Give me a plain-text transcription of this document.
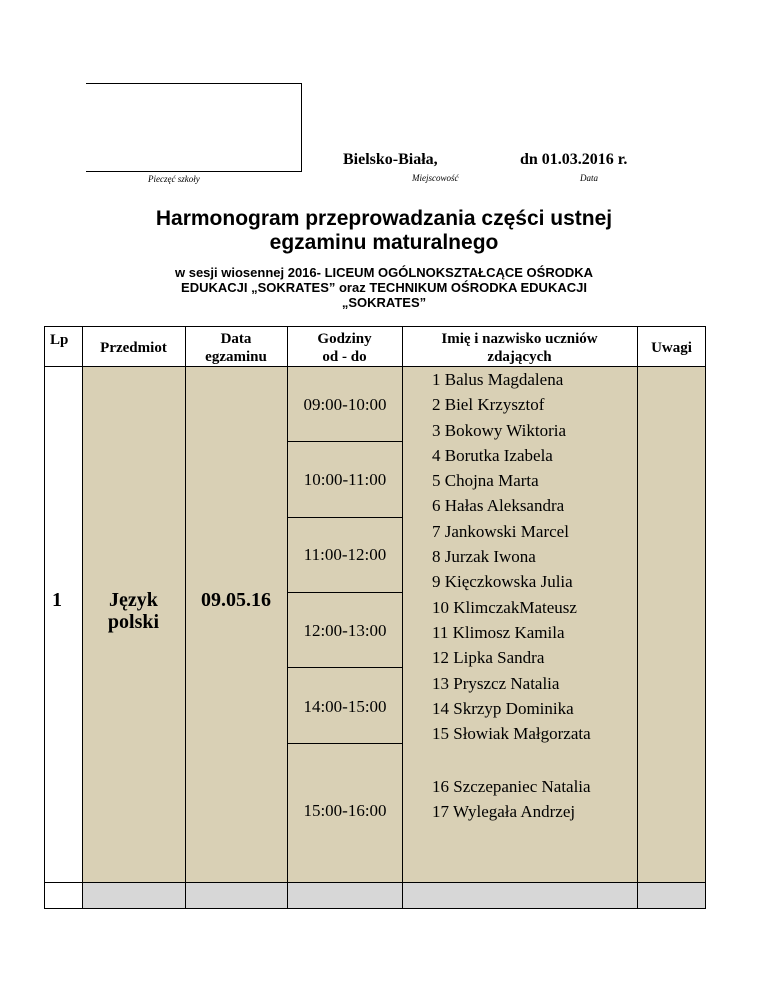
Pieczęć szkoły
Bielsko-Biała,
Miejscowość
dn 01.03.2016 r.
Data
Harmonogram przeprowadzania części ustnej
egzaminu maturalnego
w sesji wiosennej 2016- LICEUM OGÓLNOKSZTAŁCĄCE OŚRODKA
EDUKACJI „SOKRATES” oraz TECHNIKUM OŚRODKA EDUKACJI
„SOKRATES”
Lp	Przedmiot
Data
egzaminu
Godziny
od - do
Imię i nazwisko uczniów
zdających
Uwagi
1	Język
polski
09.05.16
09:00-10:00
10:00-11:00
11:00-12:00
12:00-13:00
14:00-15:00
15:00-16:00
1 Balus Magdalena
2 Biel Krzysztof
3 Bokowy Wiktoria
4 Borutka Izabela
5 Chojna Marta
6 Hałas Aleksandra
7 Jankowski Marcel
8 Jurzak Iwona
9 Kięczkowska Julia
10 KlimczakMateusz
11 Klimosz Kamila
12 Lipka Sandra
13 Pryszcz Natalia
14 Skrzyp Dominika
15 Słowiak Małgorzata
16 Szczepaniec Natalia
17 Wylegała Andrzej
